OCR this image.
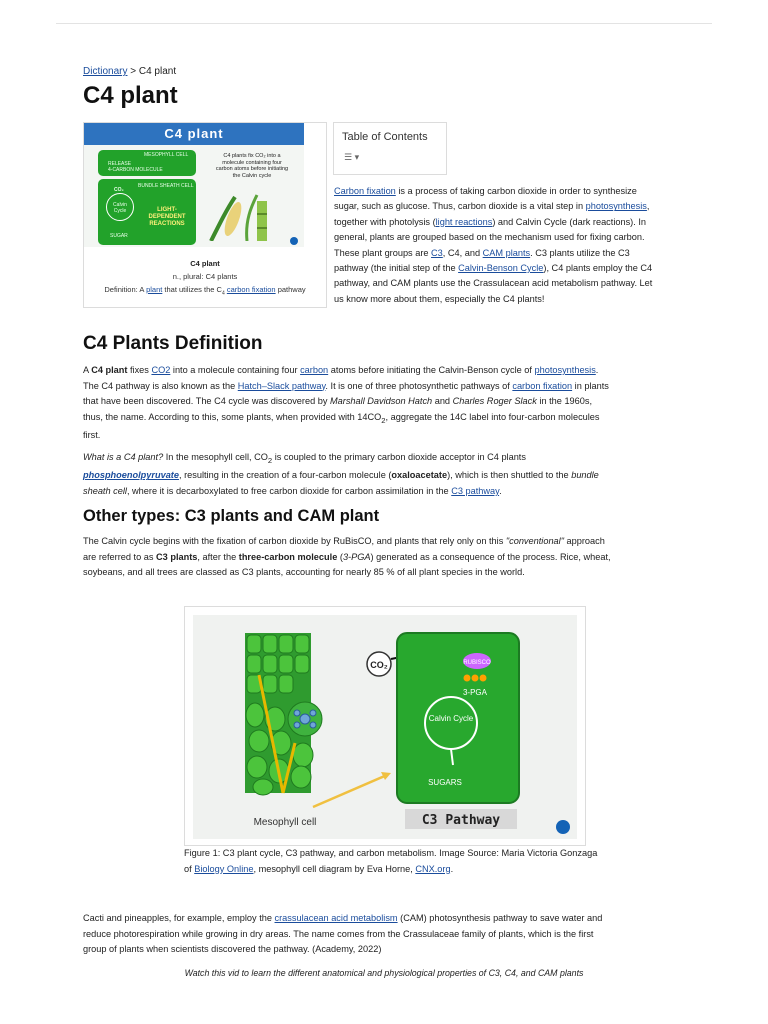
Dictionary > C4 plant
C4 plant
C4 plant
MESOPHYLL CELL
RELEASE
4-CARBON MOLECULE
BUNDLE SHEATH CELL
CO₂
Calvin Cycle	LIGHT-DEPENDENT REACTIONS
SUGAR
C4 plants fix CO₂ into a molecule containing four carbon atoms before initiating the Calvin cycle
C4 plant
n., plural: C4 plants
Definition: A plant that utilizes the $C_4$ carbon fixation pathway
Table of Contents
☰ ▾

Carbon fixation is a process of taking carbon dioxide in order to synthesize sugar, such as glucose. Thus, carbon dioxide is a vital step in photosynthesis, together with photolysis (light reactions) and Calvin Cycle (dark reactions). In general, plants are grouped based on the mechanism used for fixing carbon. These plant groups are C3, C4, and CAM plants. C3 plants utilize the C3 pathway (the initial step of the Calvin-Benson Cycle), C4 plants employ the C4 pathway, and CAM plants use the Crassulacean acid metabolism pathway. Let us know more about them, especially the C4 plants!

C4 Plants Definition

A C4 plant fixes CO2 into a molecule containing four carbon atoms before initiating the Calvin-Benson cycle of photosynthesis. The C4 pathway is also known as the Hatch–Slack pathway. It is one of three photosynthetic pathways of carbon fixation in plants that have been discovered. The C4 cycle was discovered by Marshall Davidson Hatch and Charles Roger Slack in the 1960s, thus, the name. According to this, some plants, when provided with $14CO_2$, aggregate the 14C label into four-carbon molecules first.

What is a C4 plant? In the mesophyll cell, $CO_2$ is coupled to the primary carbon dioxide acceptor in C4 plants phosphoenolpyruvate, resulting in the creation of a four-carbon molecule (oxaloacetate), which is then shuttled to the bundle sheath cell, where it is decarboxylated to free carbon dioxide for carbon assimilation in the C3 pathway.

Other types: C3 plants and CAM plant

The Calvin cycle begins with the fixation of carbon dioxide by RuBisCO, and plants that rely only on this "conventional" approach are referred to as C3 plants, after the three-carbon molecule (3-PGA) generated as a consequence of the process. Rice, wheat, soybeans, and all trees are classed as C3 plants, accounting for nearly 85 % of all plant species in the world.

Mesophyll cell
CO₂	RUBISCO
3-PGA
Calvin Cycle
SUGARS
C3 Pathway

Figure 1: C3 plant cycle, C3 pathway, and carbon metabolism. Image Source: Maria Victoria Gonzaga of Biology Online, mesophyll cell diagram by Eva Horne, CNX.org.

Cacti and pineapples, for example, employ the crassulacean acid metabolism (CAM) photosynthesis pathway to save water and reduce photorespiration while growing in dry areas. The name comes from the Crassulaceae family of plants, which is the first group of plants when scientists discovered the pathway. (Academy, 2022)

Watch this vid to learn the different anatomical and physiological properties of C3, C4, and CAM plants
